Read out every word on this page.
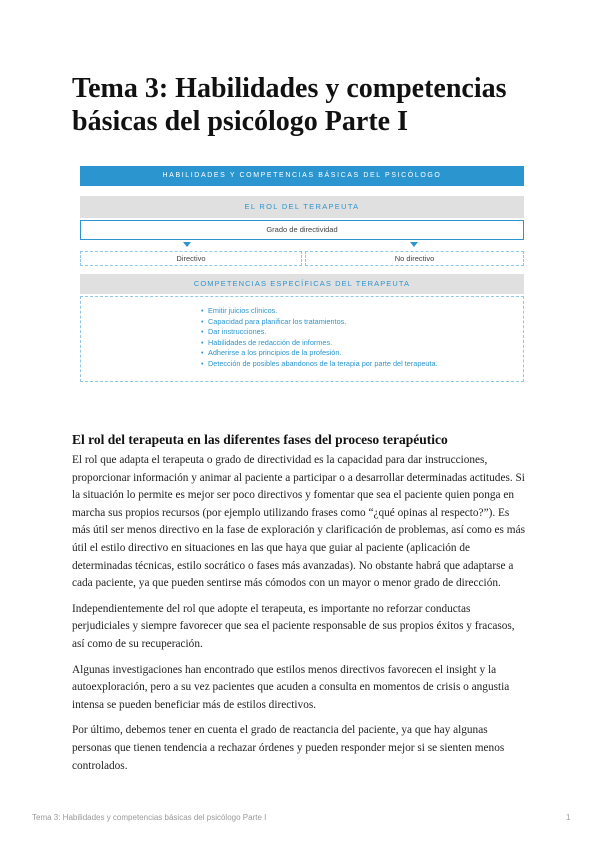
Tema 3: Habilidades y competencias básicas del psicólogo Parte I
HABILIDADES Y COMPETENCIAS BÁSICAS DEL PSICÓLOGO
EL ROL DEL TERAPEUTA
Grado de directividad
Directivo	No directivo
COMPETENCIAS ESPECÍFICAS DEL TERAPEUTA
• Emitir juicios clínicos.
• Capacidad para planificar los tratamientos.
• Dar instrucciones.
• Habilidades de redacción de informes.
• Adherirse a los principios de la profesión.
• Detección de posibles abandonos de la terapia por parte del terapeuta.
El rol del terapeuta en las diferentes fases del proceso terapéutico

El rol que adapta el terapeuta o grado de directividad es la capacidad para dar instrucciones, proporcionar información y animar al paciente a participar o a desarrollar determinadas actitudes. Si la situación lo permite es mejor ser poco directivos y fomentar que sea el paciente quien ponga en marcha sus propios recursos (por ejemplo utilizando frases como “¿qué opinas al respecto?”). Es más útil ser menos directivo en la fase de exploración y clarificación de problemas, así como es más útil el estilo directivo en situaciones en las que haya que guiar al paciente (aplicación de determinadas técnicas, estilo socrático o fases más avanzadas). No obstante habrá que adaptarse a cada paciente, ya que pueden sentirse más cómodos con un mayor o menor grado de dirección.

Independientemente del rol que adopte el terapeuta, es importante no reforzar conductas perjudiciales y siempre favorecer que sea el paciente responsable de sus propios éxitos y fracasos, así como de su recuperación.

Algunas investigaciones han encontrado que estilos menos directivos favorecen el insight y la autoexploración, pero a su vez pacientes que acuden a consulta en momentos de crisis o angustia intensa se pueden beneficiar más de estilos directivos.

Por último, debemos tener en cuenta el grado de reactancia del paciente, ya que hay algunas personas que tienen tendencia a rechazar órdenes y pueden responder mejor si se sienten menos controlados.

Tema 3: Habilidades y competencias básicas del psicólogo Parte I	1
